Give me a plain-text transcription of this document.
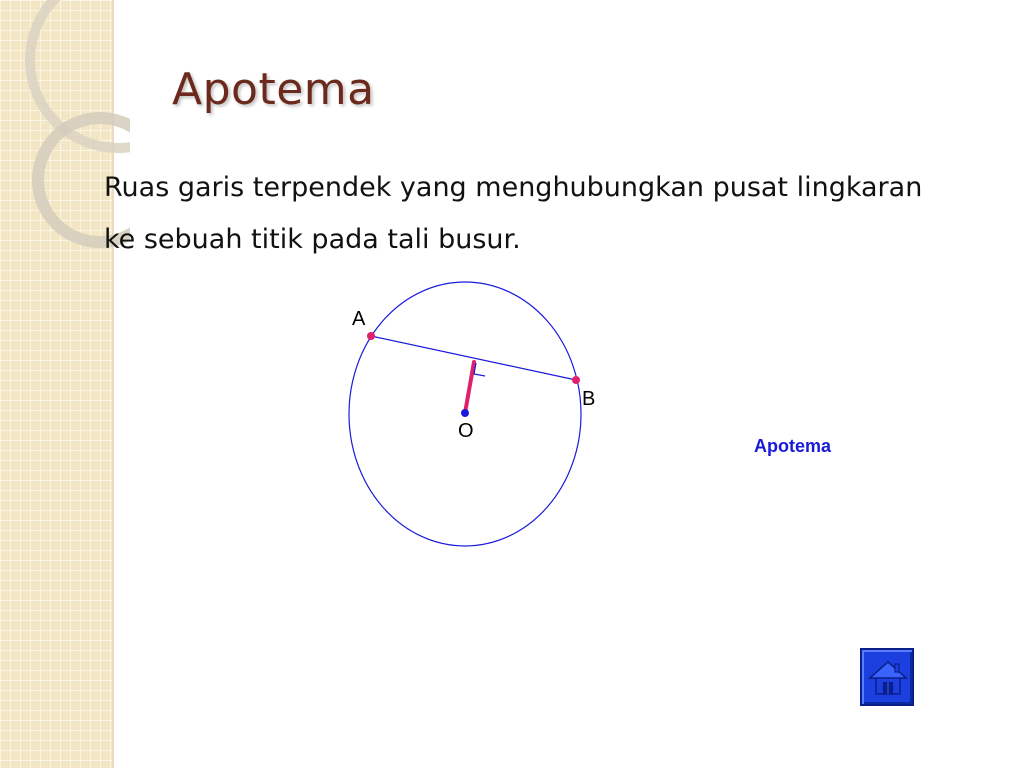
Apotema
Ruas garis terpendek yang menghubungkan pusat lingkaran ke sebuah titik pada tali busur.
A
B
O
Apotema
